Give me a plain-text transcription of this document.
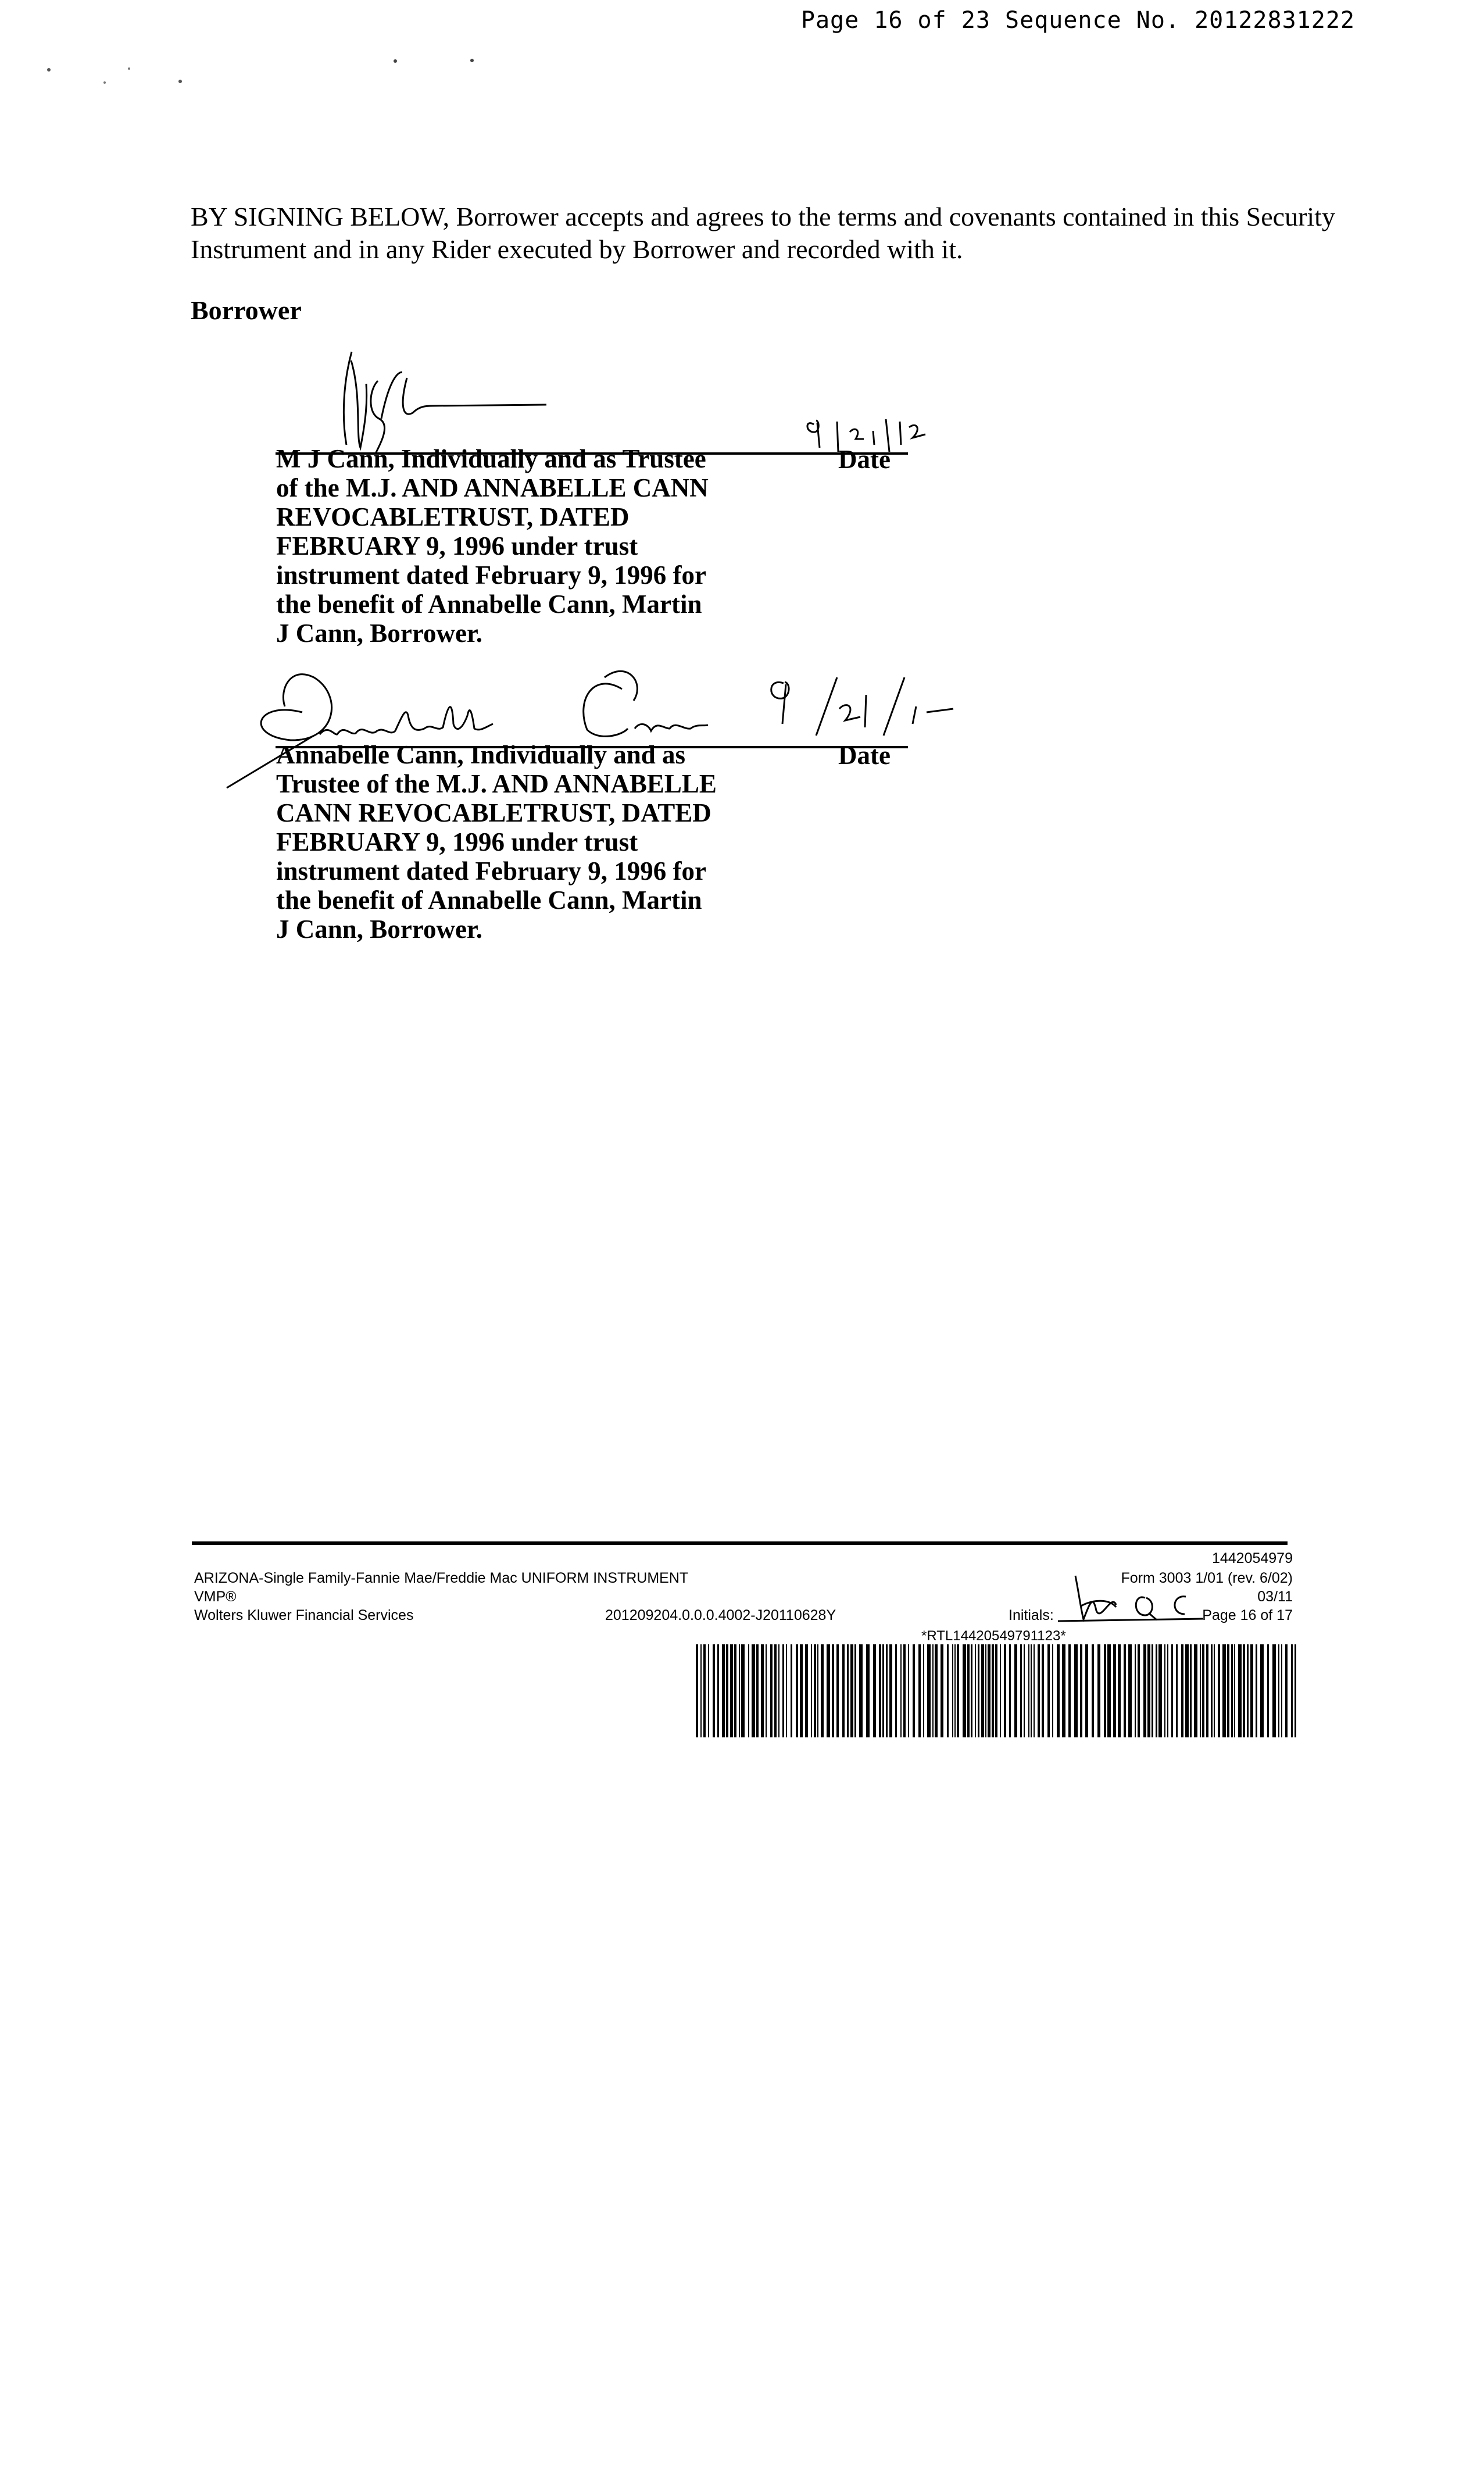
Page 16 of 23 Sequence No. 20122831222
BY SIGNING BELOW, Borrower accepts and agrees to the terms and covenants contained in this Security
Instrument and in any Rider executed by Borrower and recorded with it.
Borrower
M J Cann, Individually and as Trustee
of the M.J. AND ANNABELLE CANN
REVOCABLETRUST, DATED
FEBRUARY 9, 1996 under trust
instrument dated February 9, 1996 for
the benefit of Annabelle Cann, Martin
J Cann, Borrower.
Date
Annabelle Cann, Individually and as
Trustee of the M.J. AND ANNABELLE
CANN REVOCABLETRUST, DATED
FEBRUARY 9, 1996 under trust
instrument dated February 9, 1996 for
the benefit of Annabelle Cann, Martin
J Cann, Borrower.
Date
1442054979
ARIZONA-Single Family-Fannie Mae/Freddie Mac UNIFORM INSTRUMENT
VMP®
Wolters Kluwer Financial Services	201209204.0.0.0.4002-J20110628Y
Form 3003 1/01 (rev. 6/02)
03/11
Initials:	Page 16 of 17
*RTL14420549791123*
